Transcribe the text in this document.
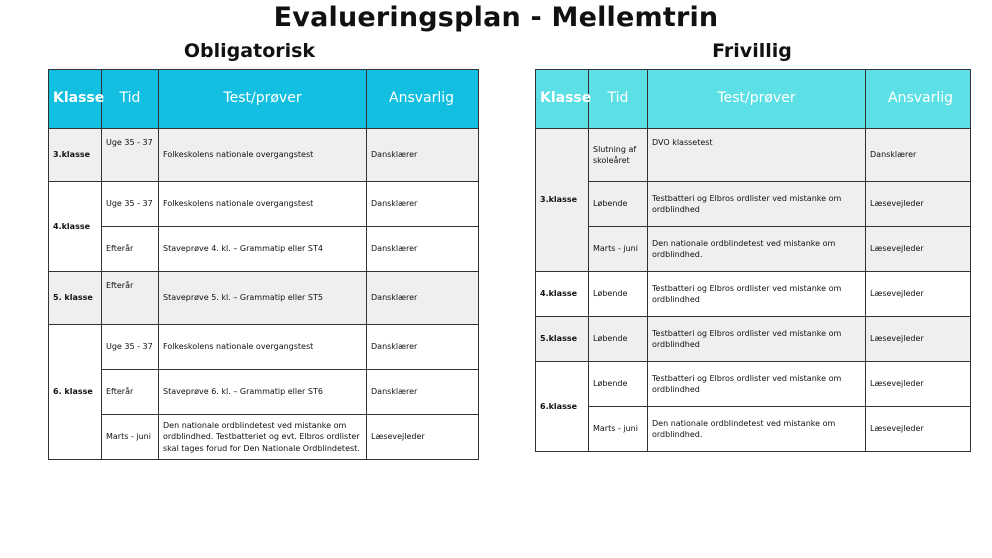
Evalueringsplan - Mellemtrin
Obligatorisk	Frivillig
Klasse	Tid	Test/prøver	Ansvarlig
3.klasse	Uge 35 - 37	Folkeskolens nationale overgangstest	Dansklærer
4.klasse	Uge 35 - 37	Folkeskolens nationale overgangstest	Dansklærer
	Efterår	Staveprøve 4. kl. – Grammatip eller ST4	Dansklærer
5. klasse	Efterår	Staveprøve 5. kl. – Grammatip eller ST5	Dansklærer
6. klasse	Uge 35 - 37	Folkeskolens nationale overgangstest	Dansklærer
	Efterår	Staveprøve 6. kl. – Grammatip eller ST6	Dansklærer
	Marts - juni	Den nationale ordblindetest ved mistanke om ordblindhed. Testbatteriet og evt. Elbros ordlister skal tages forud for Den Nationale Ordblindetest.	Læsevejleder
Klasse	Tid	Test/prøver	Ansvarlig
3.klasse	Slutning af skoleåret	DVO klassetest	Dansklærer
	Løbende	Testbatteri og Elbros ordlister ved mistanke om ordblindhed	Læsevejleder
	Marts - juni	Den nationale ordblindetest ved mistanke om ordblindhed.	Læsevejleder
4.klasse	Løbende	Testbatteri og Elbros ordlister ved mistanke om ordblindhed	Læsevejleder
5.klasse	Løbende	Testbatteri og Elbros ordlister ved mistanke om ordblindhed	Læsevejleder
6.klasse	Løbende	Testbatteri og Elbros ordlister ved mistanke om ordblindhed	Læsevejleder
	Marts - juni	Den nationale ordblindetest ved mistanke om ordblindhed.	Læsevejleder
